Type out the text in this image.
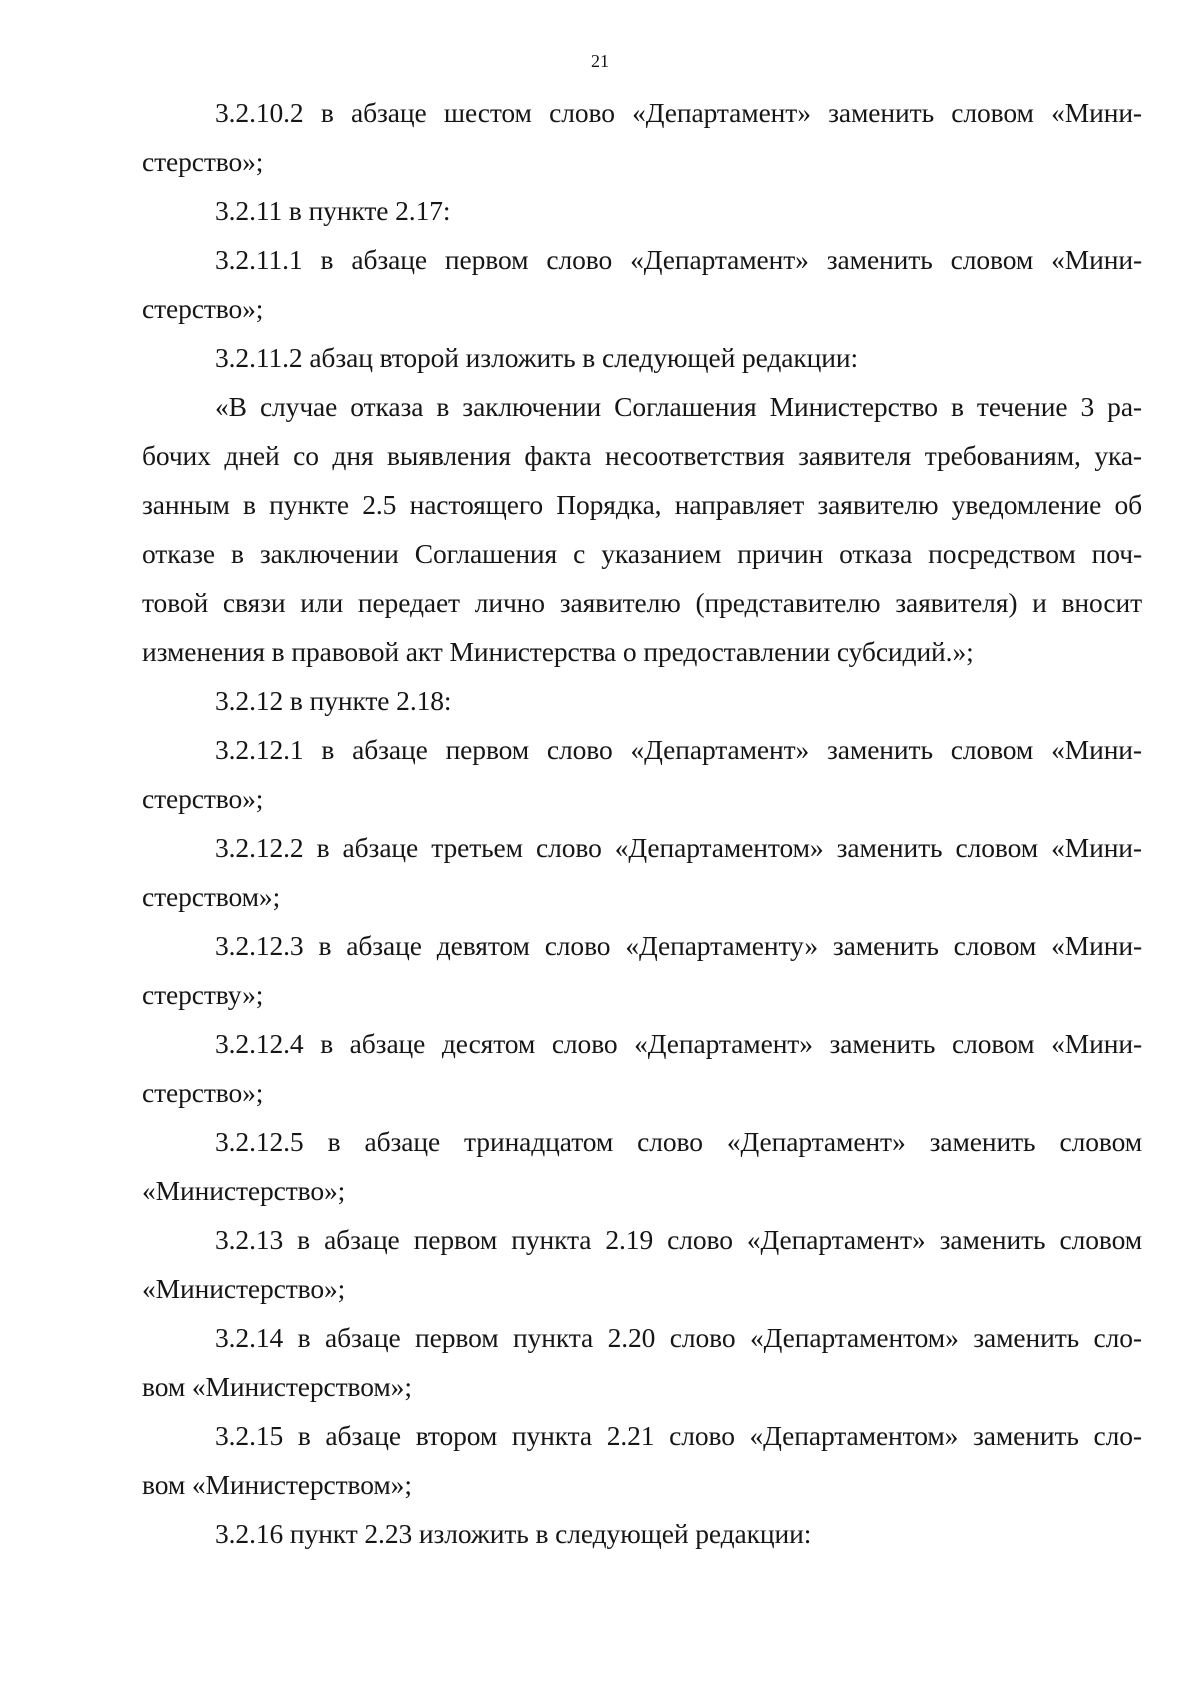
21
3.2.10.2 в абзаце шестом слово «Департамент» заменить словом «Мини-
стерство»;
3.2.11 в пункте 2.17:
3.2.11.1 в абзаце первом слово «Департамент» заменить словом «Мини-
стерство»;
3.2.11.2 абзац второй изложить в следующей редакции:
«В случае отказа в заключении Соглашения Министерство в течение 3 ра-
бочих дней со дня выявления факта несоответствия заявителя требованиям, ука-
занным в пункте 2.5 настоящего Порядка, направляет заявителю уведомление об
отказе в заключении Соглашения с указанием причин отказа посредством поч-
товой связи или передает лично заявителю (представителю заявителя) и вносит
изменения в правовой акт Министерства о предоставлении субсидий.»;
3.2.12 в пункте 2.18:
3.2.12.1 в абзаце первом слово «Департамент» заменить словом «Мини-
стерство»;
3.2.12.2 в абзаце третьем слово «Департаментом» заменить словом «Мини-
стерством»;
3.2.12.3 в абзаце девятом слово «Департаменту» заменить словом «Мини-
стерству»;
3.2.12.4 в абзаце десятом слово «Департамент» заменить словом «Мини-
стерство»;
3.2.12.5 в абзаце тринадцатом слово «Департамент» заменить словом
«Министерство»;
3.2.13 в абзаце первом пункта 2.19 слово «Департамент» заменить словом
«Министерство»;
3.2.14 в абзаце первом пункта 2.20 слово «Департаментом» заменить сло-
вом «Министерством»;
3.2.15 в абзаце втором пункта 2.21 слово «Департаментом» заменить сло-
вом «Министерством»;
3.2.16 пункт 2.23 изложить в следующей редакции:
